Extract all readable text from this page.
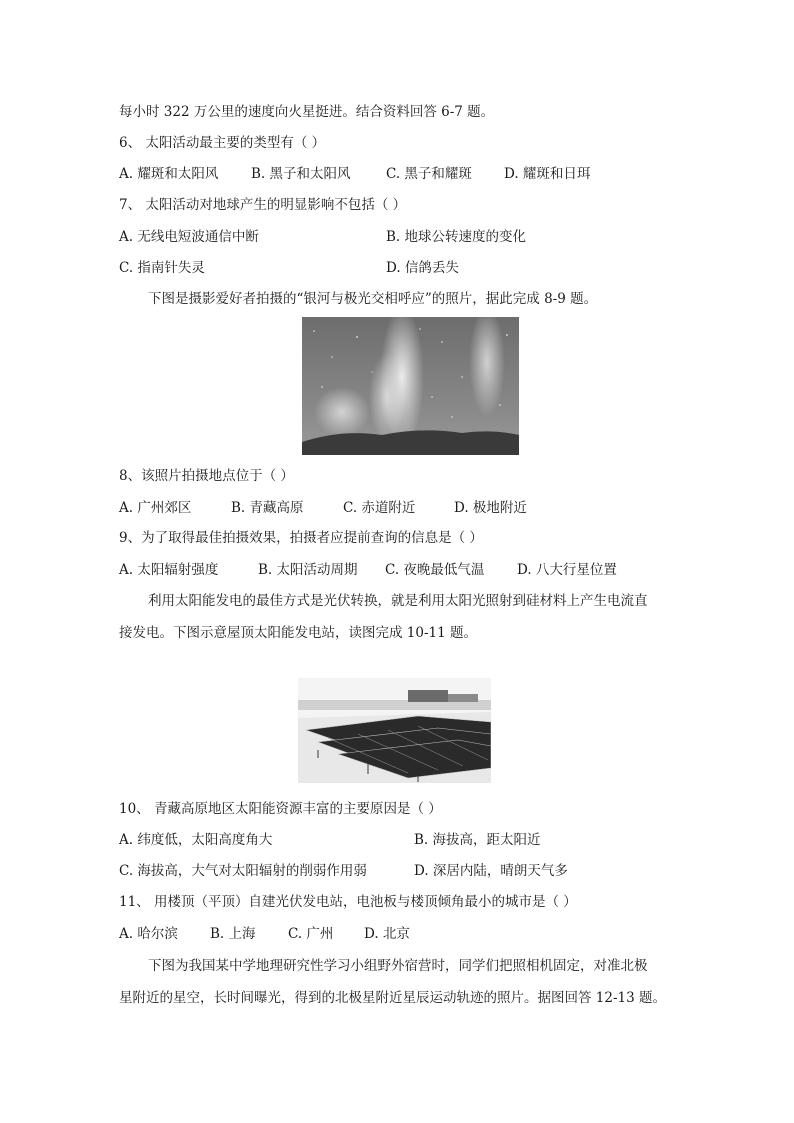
每小时 322 万公里的速度向火星挺进。结合资料回答 6-7 题。
6、 太阳活动最主要的类型有（ ）
A. 耀斑和太阳风 B. 黑子和太阳风	C. 黑子和耀斑 D. 耀斑和日珥
7、 太阳活动对地球产生的明显影响不包括（ ）
A. 无线电短波通信中断	B. 地球公转速度的变化
C. 指南针失灵	D. 信鸽丢失
下图是摄影爱好者拍摄的“银河与极光交相呼应”的照片，据此完成 8-9 题。
8、该照片拍摄地点位于（ ）
9、为了取得最佳拍摄效果，拍摄者应提前查询的信息是（ ）
A. 太阳辐射强度	B. 太阳活动周期 C. 夜晚最低气温 D. 八大行星位置
利用太阳能发电的最佳方式是光伏转换，就是利用太阳光照射到硅材料上产生电流直
接发电。下图示意屋顶太阳能发电站，读图完成 10-11 题。
10、 青藏高原地区太阳能资源丰富的主要原因是（ ）
A. 纬度低，太阳高度角大	B. 海拔高，距太阳近
C. 海拔高，大气对太阳辐射的削弱作用弱	D. 深居内陆，晴朗天气多
11、 用楼顶（平顶）自建光伏发电站，电池板与楼顶倾角最小的城市是（ ）
A. 哈尔滨 B. 上海 C. 广州 D. 北京
下图为我国某中学地理研究性学习小组野外宿营时，同学们把照相机固定，对准北极
星附近的星空，长时间曝光，得到的北极星附近星辰运动轨迹的照片。据图回答 12-13 题。
A. 广州郊区	B. 青藏高原	C. 赤道附近	D. 极地附近
